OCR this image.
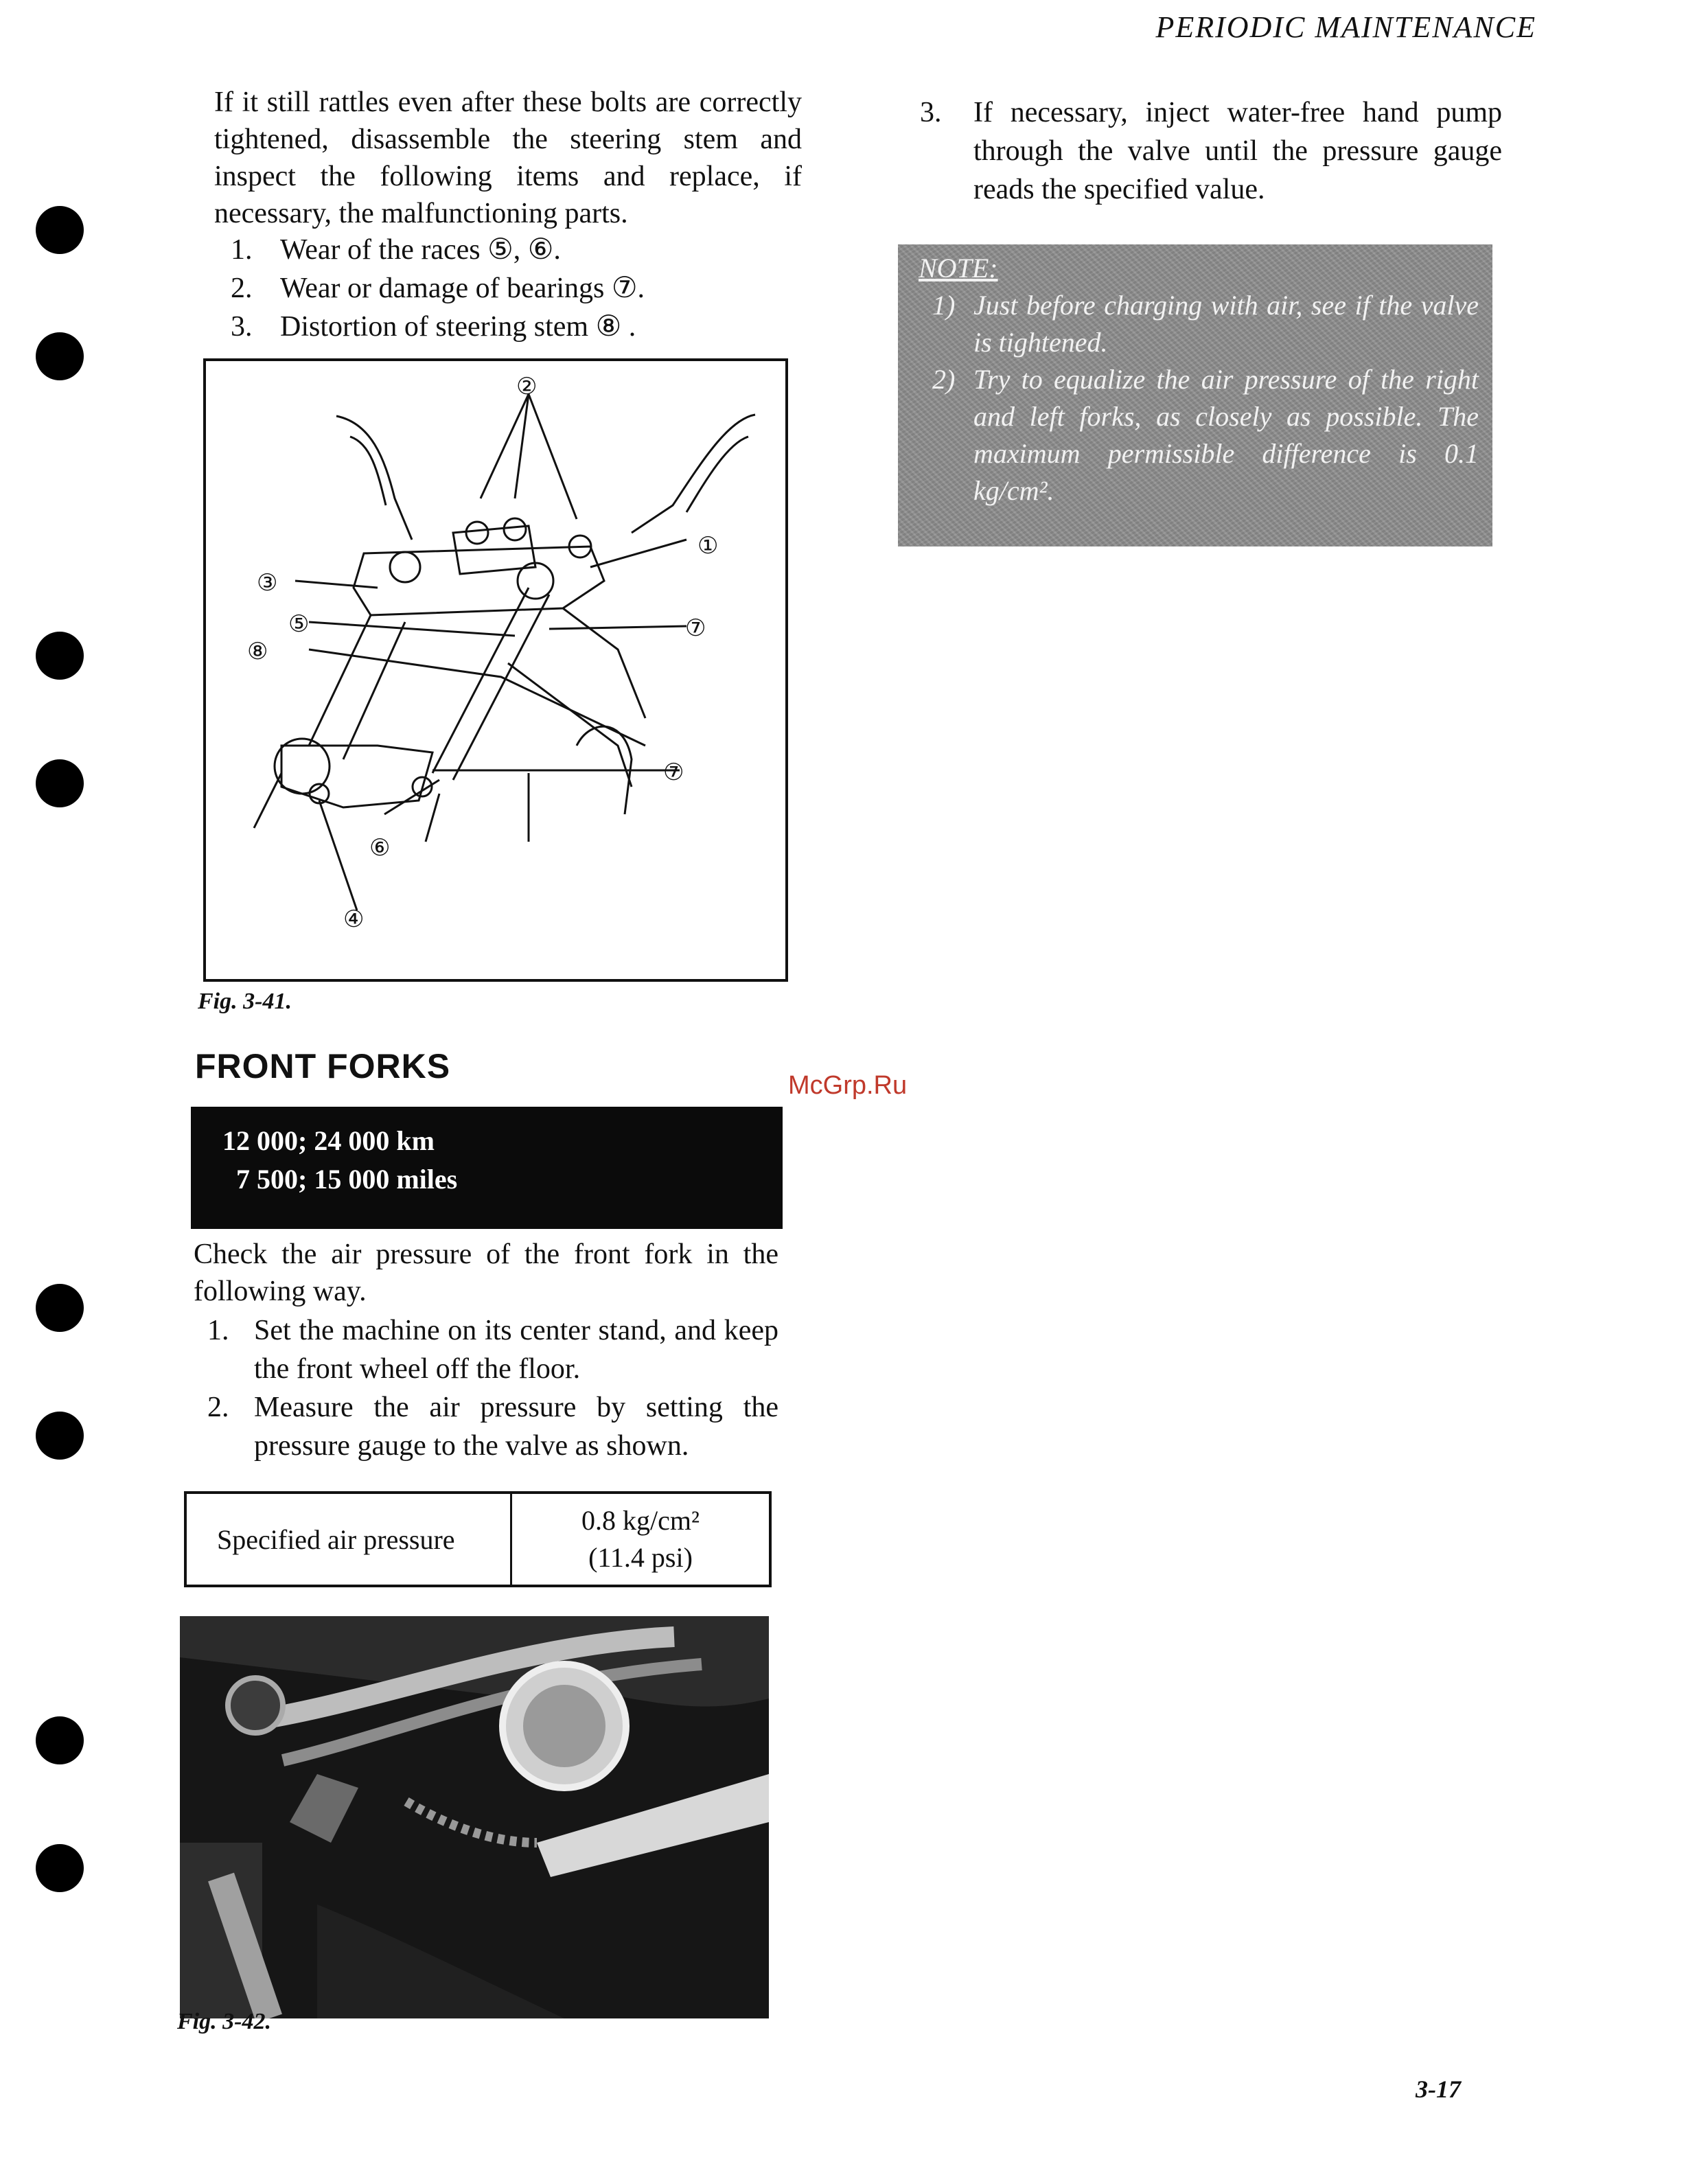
PERIODIC MAINTENANCE
If it still rattles even after these bolts are correctly tightened, disassemble the steering stem and inspect the following items and replace, if necessary, the malfunctioning parts.
1. Wear of the races ⑤, ⑥.
2. Wear or damage of bearings ⑦.
3. Distortion of steering stem ⑧ .
①
②
③
④
⑤
⑥
⑦
⑦
⑧
Fig. 3-41.
FRONT FORKS
12 000; 24 000 km
7 500; 15 000 miles
Check the air pressure of the front fork in the following way.
1. Set the machine on its center stand, and keep the front wheel off the floor.
2. Measure the air pressure by setting the pressure gauge to the valve as shown.
Specified air pressure
0.8 kg/cm²
(11.4 psi)
Fig. 3-42.
3.	If necessary, inject water-free hand pump through the valve until the pressure gauge reads the specified value.
NOTE:
1) Just before charging with air, see if the valve is tightened.
2) Try to equalize the air pressure of the right and left forks, as closely as possible. The maximum permissible difference is 0.1 kg/cm².
McGrp.Ru
3-17
